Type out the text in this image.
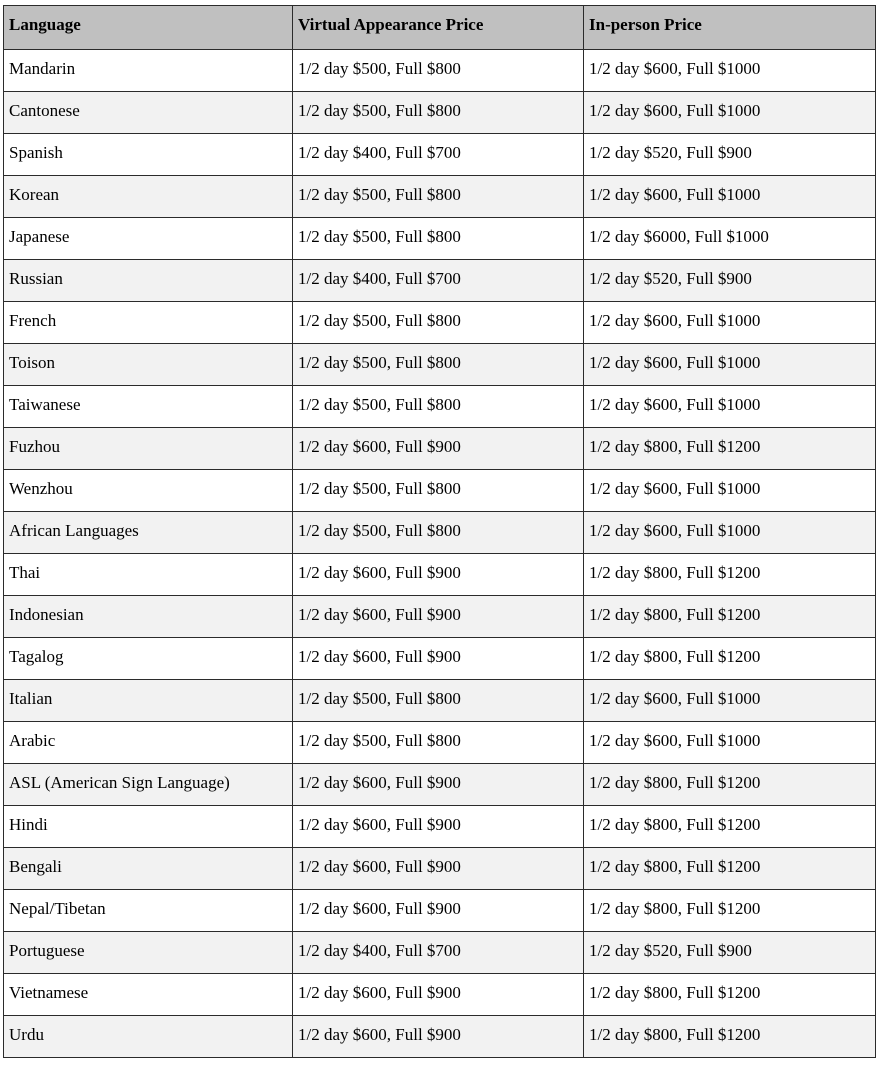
Language	Virtual Appearance Price	In-person Price
Mandarin	1/2 day $500, Full $800	1/2 day $600, Full $1000
Cantonese	1/2 day $500, Full $800	1/2 day $600, Full $1000
Spanish	1/2 day $400, Full $700	1/2 day $520, Full $900
Korean	1/2 day $500, Full $800	1/2 day $600, Full $1000
Japanese	1/2 day $500, Full $800	1/2 day $6000, Full $1000
Russian	1/2 day $400, Full $700	1/2 day $520, Full $900
French	1/2 day $500, Full $800	1/2 day $600, Full $1000
Toison	1/2 day $500, Full $800	1/2 day $600, Full $1000
Taiwanese	1/2 day $500, Full $800	1/2 day $600, Full $1000
Fuzhou	1/2 day $600, Full $900	1/2 day $800, Full $1200
Wenzhou	1/2 day $500, Full $800	1/2 day $600, Full $1000
African Languages	1/2 day $500, Full $800	1/2 day $600, Full $1000
Thai	1/2 day $600, Full $900	1/2 day $800, Full $1200
Indonesian	1/2 day $600, Full $900	1/2 day $800, Full $1200
Tagalog	1/2 day $600, Full $900	1/2 day $800, Full $1200
Italian	1/2 day $500, Full $800	1/2 day $600, Full $1000
Arabic	1/2 day $500, Full $800	1/2 day $600, Full $1000
ASL (American Sign Language)	1/2 day $600, Full $900	1/2 day $800, Full $1200
Hindi	1/2 day $600, Full $900	1/2 day $800, Full $1200
Bengali	1/2 day $600, Full $900	1/2 day $800, Full $1200
Nepal/Tibetan	1/2 day $600, Full $900	1/2 day $800, Full $1200
Portuguese	1/2 day $400, Full $700	1/2 day $520, Full $900
Vietnamese	1/2 day $600, Full $900	1/2 day $800, Full $1200
Urdu	1/2 day $600, Full $900	1/2 day $800, Full $1200
